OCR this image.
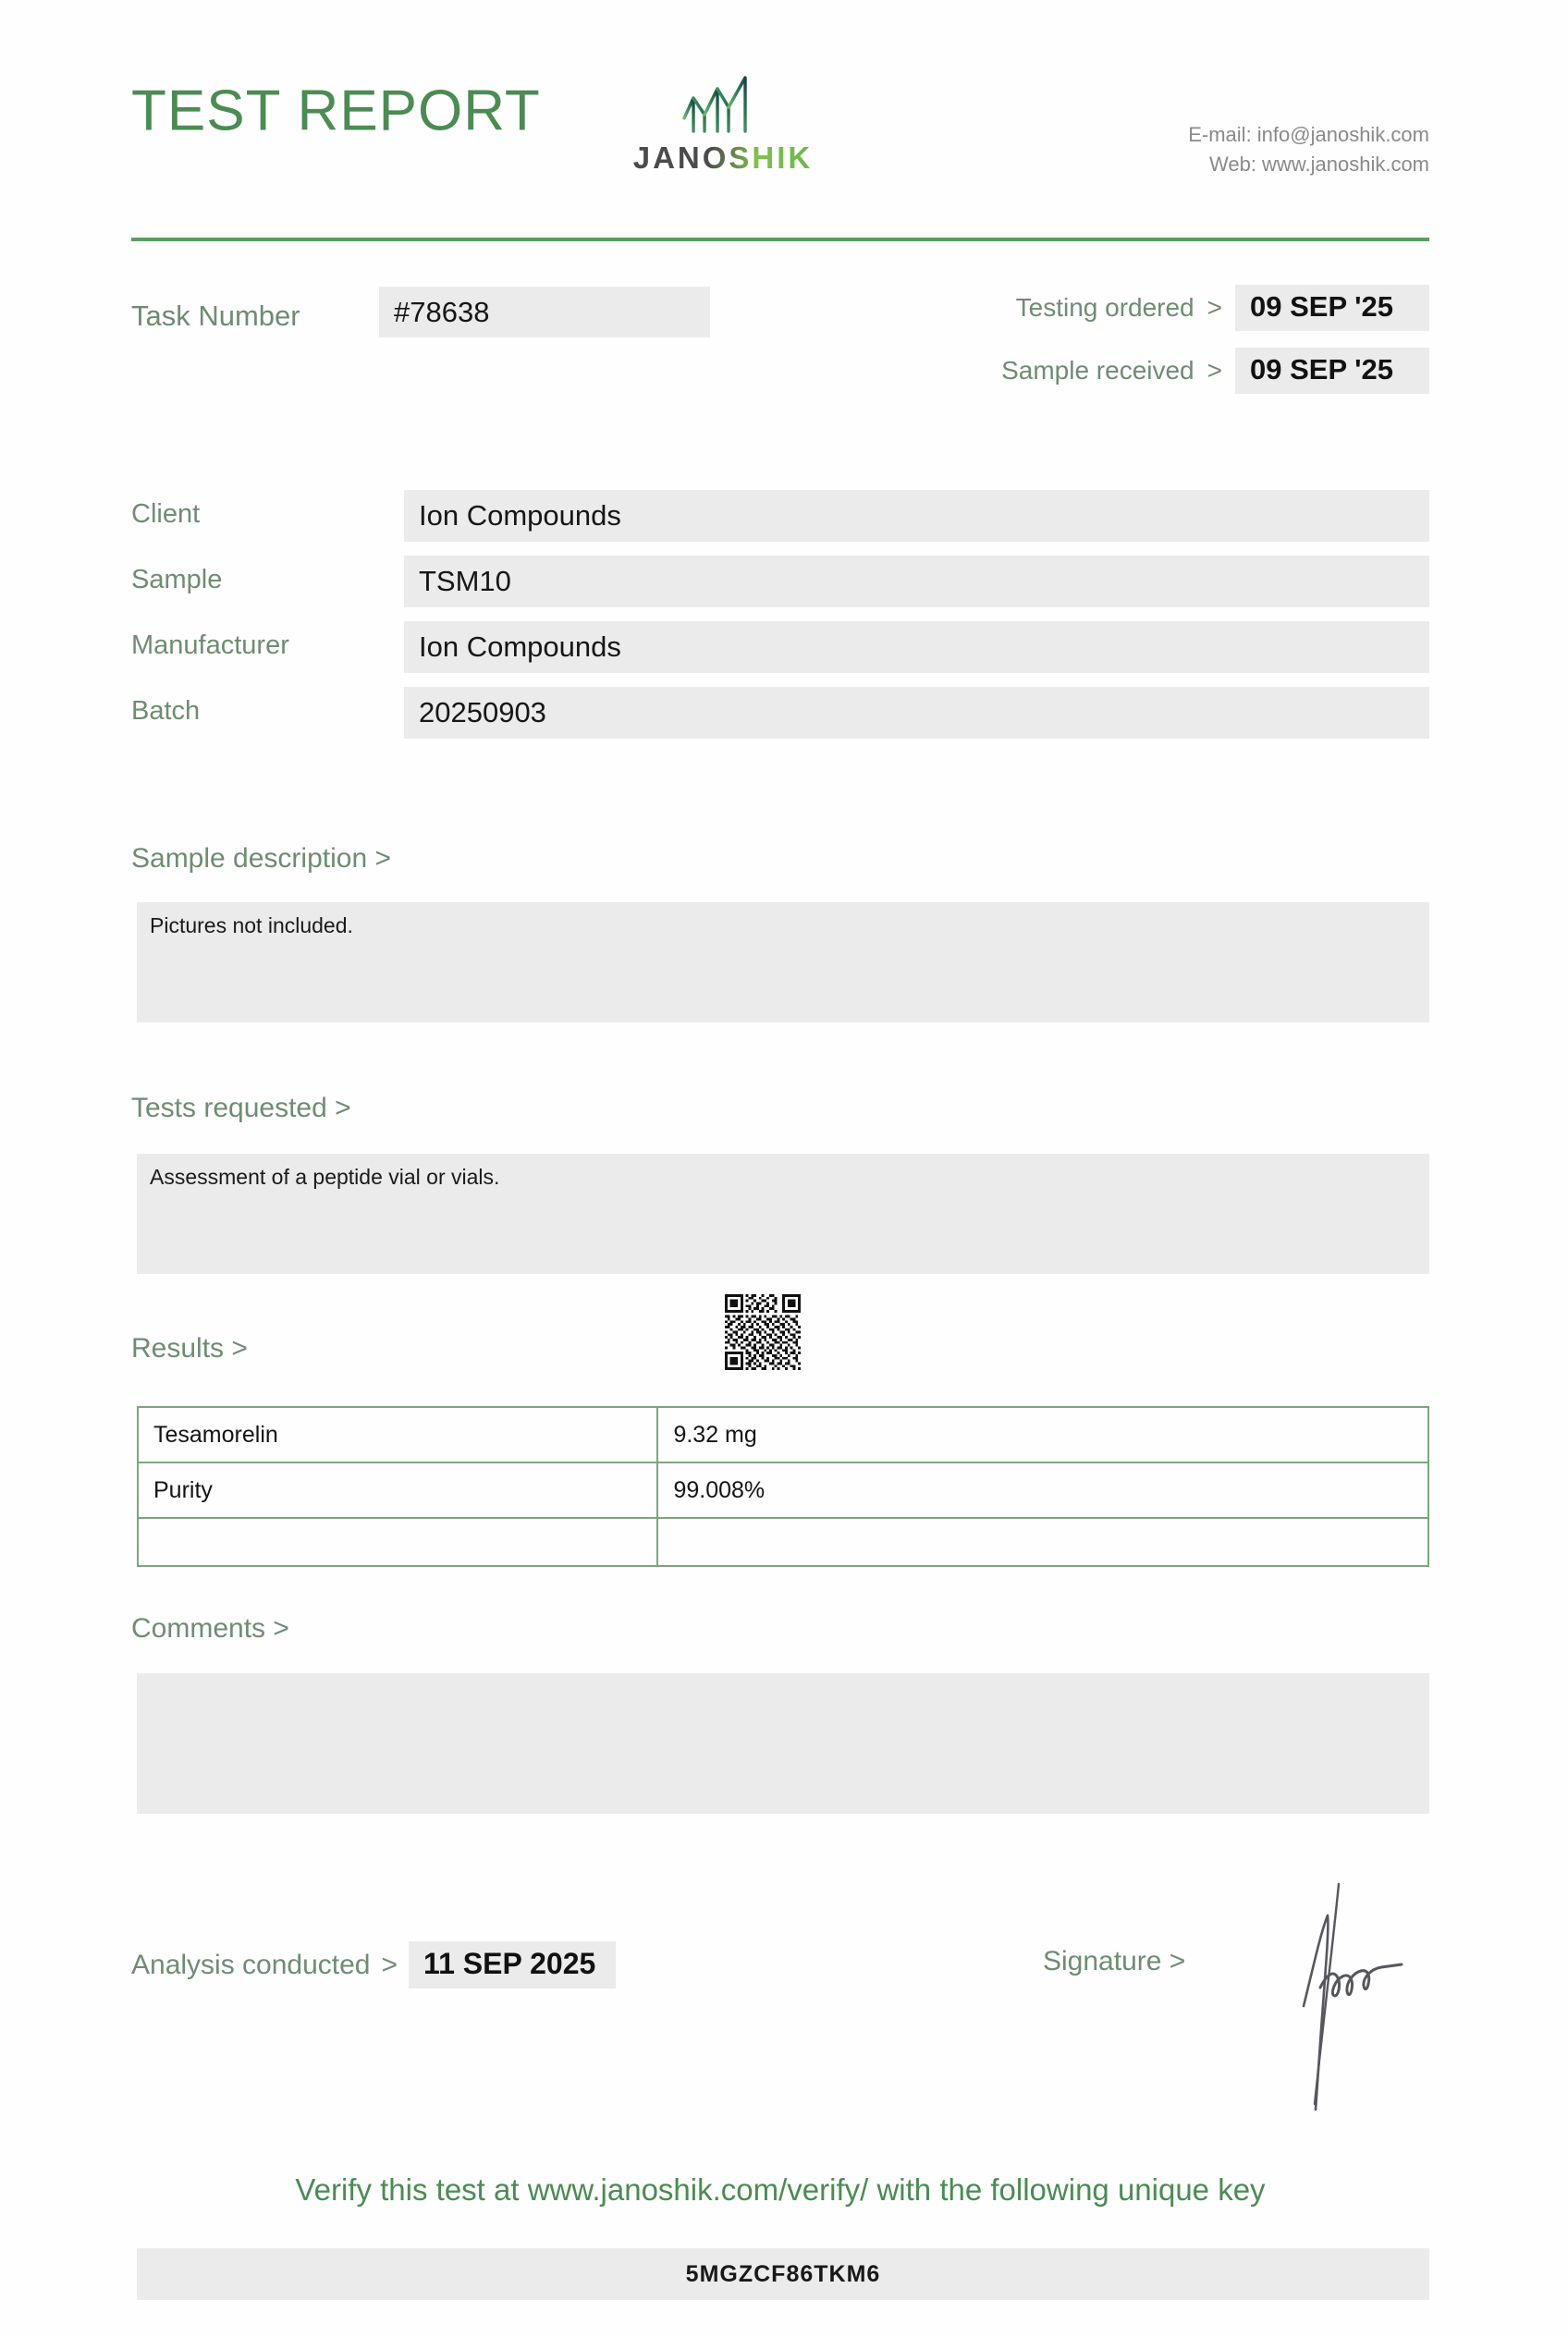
TEST REPORT
JANOSHIK
E-mail: info@janoshik.com
Web: www.janoshik.com
Task Number	#78638	Testing ordered > 09 SEP '25
Sample received > 09 SEP '25
Client	Ion Compounds
Sample	TSM10
Manufacturer	Ion Compounds
Batch	20250903
Sample description >
Pictures not included.
Tests requested >
Assessment of a peptide vial or vials.
Results >
Tesamorelin	9.32 mg
Purity	99.008%

Comments >
Analysis conducted > 11 SEP 2025	Signature >
Verify this test at www.janoshik.com/verify/ with the following unique key
5MGZCF86TKM6
